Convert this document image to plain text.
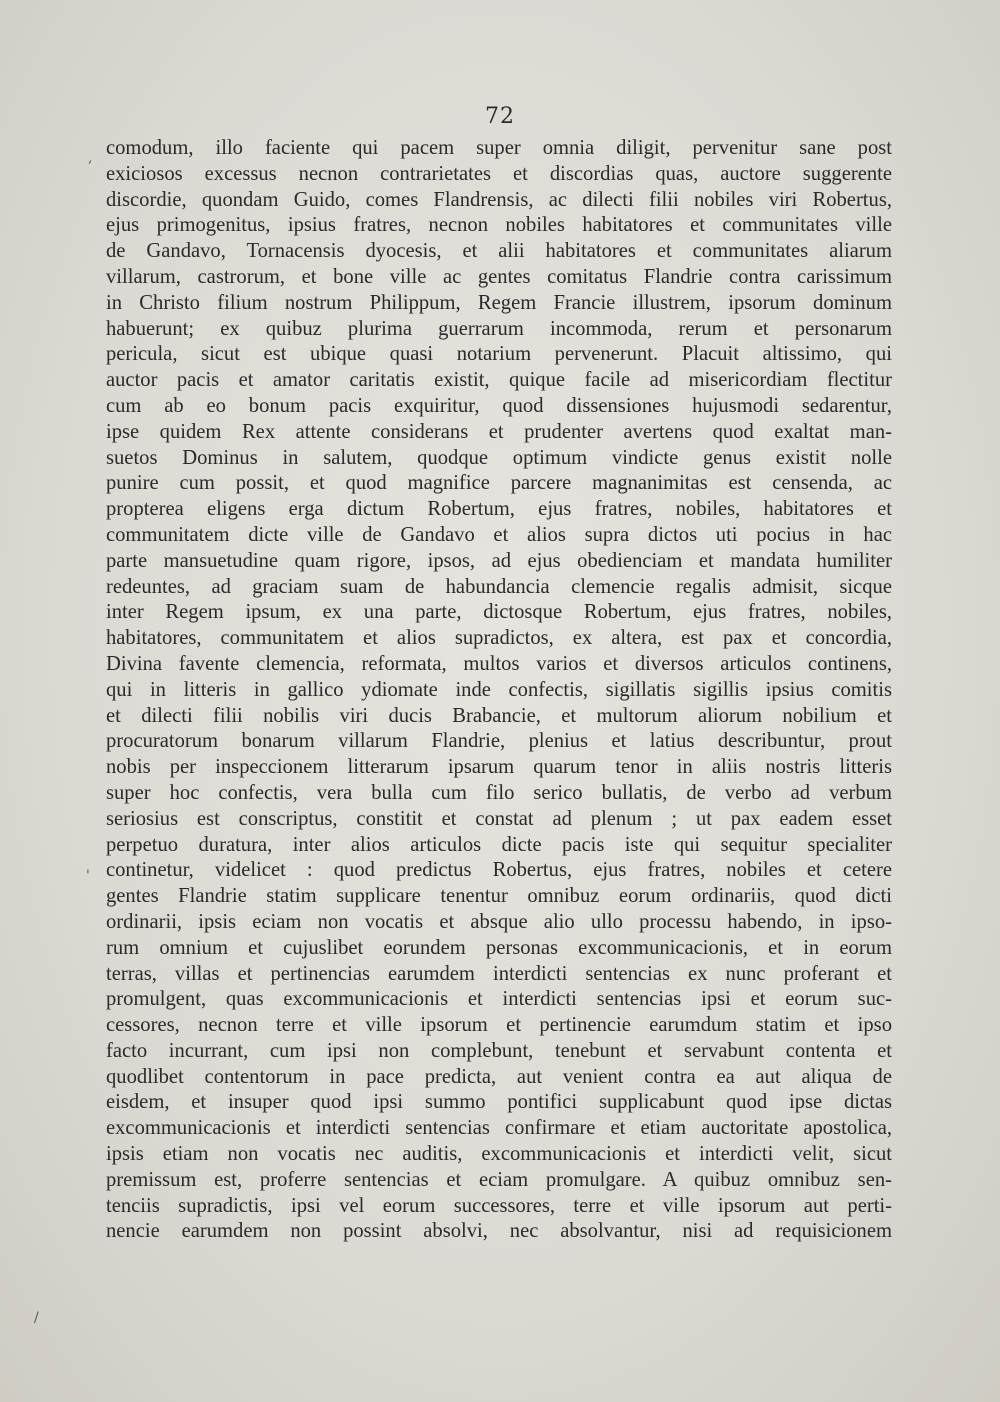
72
,
'
/
comodum, illo faciente qui pacem super omnia diligit, pervenitur sane post
exiciosos excessus necnon contrarietates et discordias quas, auctore suggerente
discordie, quondam Guido, comes Flandrensis, ac dilecti filii nobiles viri Robertus,
ejus primogenitus, ipsius fratres, necnon nobiles habitatores et communitates ville
de Gandavo, Tornacensis dyocesis, et alii habitatores et communitates aliarum
villarum, castrorum, et bone ville ac gentes comitatus Flandrie contra carissimum
in Christo filium nostrum Philippum, Regem Francie illustrem, ipsorum dominum
habuerunt; ex quibuz plurima guerrarum incommoda, rerum et personarum
pericula, sicut est ubique quasi notarium pervenerunt. Placuit altissimo, qui
auctor pacis et amator caritatis existit, quique facile ad misericordiam flectitur
cum ab eo bonum pacis exquiritur, quod dissensiones hujusmodi sedarentur,
ipse quidem Rex attente considerans et prudenter avertens quod exaltat man-
suetos Dominus in salutem, quodque optimum vindicte genus existit nolle
punire cum possit, et quod magnifice parcere magnanimitas est censenda, ac
propterea eligens erga dictum Robertum, ejus fratres, nobiles, habitatores et
communitatem dicte ville de Gandavo et alios supra dictos uti pocius in hac
parte mansuetudine quam rigore, ipsos, ad ejus obedienciam et mandata humiliter
redeuntes, ad graciam suam de habundancia clemencie regalis admisit, sicque
inter Regem ipsum, ex una parte, dictosque Robertum, ejus fratres, nobiles,
habitatores, communitatem et alios supradictos, ex altera, est pax et concordia,
Divina favente clemencia, reformata, multos varios et diversos articulos continens,
qui in litteris in gallico ydiomate inde confectis, sigillatis sigillis ipsius comitis
et dilecti filii nobilis viri ducis Brabancie, et multorum aliorum nobilium et
procuratorum bonarum villarum Flandrie, plenius et latius describuntur, prout
nobis per inspeccionem litterarum ipsarum quarum tenor in aliis nostris litteris
super hoc confectis, vera bulla cum filo serico bullatis, de verbo ad verbum
seriosius est conscriptus, constitit et constat ad plenum ; ut pax eadem esset
perpetuo duratura, inter alios articulos dicte pacis iste qui sequitur specialiter
continetur, videlicet : quod predictus Robertus, ejus fratres, nobiles et cetere
gentes Flandrie statim supplicare tenentur omnibuz eorum ordinariis, quod dicti
ordinarii, ipsis eciam non vocatis et absque alio ullo processu habendo, in ipso-
rum omnium et cujuslibet eorundem personas excommunicacionis, et in eorum
terras, villas et pertinencias earumdem interdicti sentencias ex nunc proferant et
promulgent, quas excommunicacionis et interdicti sentencias ipsi et eorum suc-
cessores, necnon terre et ville ipsorum et pertinencie earumdum statim et ipso
facto incurrant, cum ipsi non complebunt, tenebunt et servabunt contenta et
quodlibet contentorum in pace predicta, aut venient contra ea aut aliqua de
eisdem, et insuper quod ipsi summo pontifici supplicabunt quod ipse dictas
excommunicacionis et interdicti sentencias confirmare et etiam auctoritate apostolica,
ipsis etiam non vocatis nec auditis, excommunicacionis et interdicti velit, sicut
premissum est, proferre sentencias et eciam promulgare. A quibuz omnibuz sen-
tenciis supradictis, ipsi vel eorum successores, terre et ville ipsorum aut perti-
nencie earumdem non possint absolvi, nec absolvantur, nisi ad requisicionem
